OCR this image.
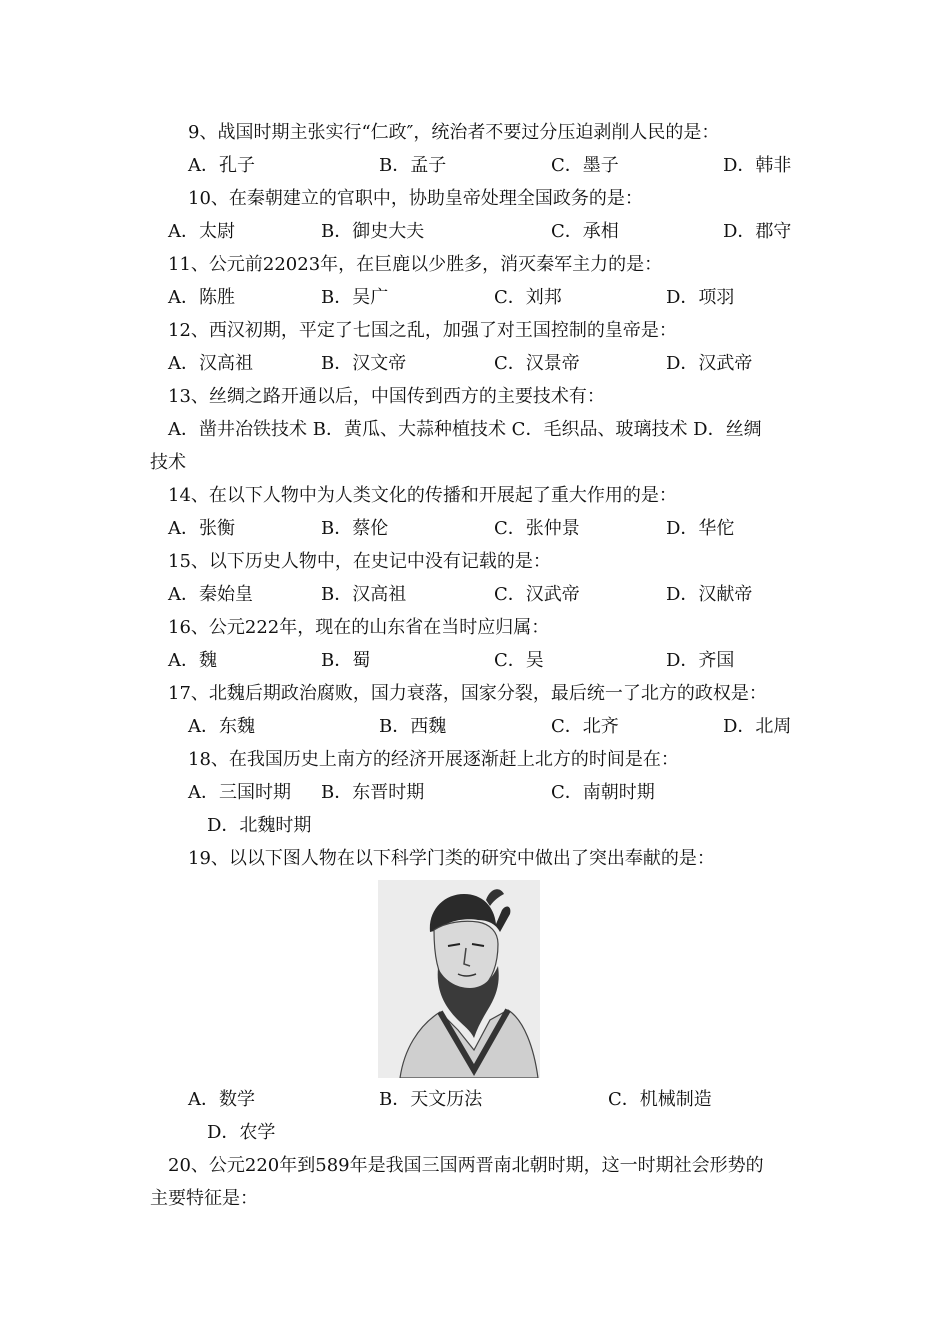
9、战国时期主张实行“仁政″，统治者不要过分压迫剥削人民的是：
A．孔子	B．孟子	C．墨子	D．韩非
10、在秦朝建立的官职中，协助皇帝处理全国政务的是：
A．太尉	B．御史大夫	C．承相	D．郡守
11、公元前22023年，在巨鹿以少胜多，消灭秦军主力的是：
A．陈胜	B．吴广	C．刘邦	D．项羽
12、西汉初期，平定了七国之乱，加强了对王国控制的皇帝是：
A．汉高祖	B．汉文帝	C．汉景帝	D．汉武帝
13、丝绸之路开通以后，中国传到西方的主要技术有：
A．凿井冶铁技术 B．黄瓜、大蒜种植技术 C．毛织品、玻璃技术 D．丝绸
技术
14、在以下人物中为人类文化的传播和开展起了重大作用的是：
A．张衡	B．蔡伦	C．张仲景	D．华佗
15、以下历史人物中，在史记中没有记载的是：
A．秦始皇	B．汉高祖	C．汉武帝	D．汉献帝
16、公元222年，现在的山东省在当时应归属：
A．魏	B．蜀	C．吴	D．齐国
17、北魏后期政治腐败，国力衰落，国家分裂，最后统一了北方的政权是：
A．东魏	B．西魏	C．北齐	D．北周
18、在我国历史上南方的经济开展逐渐赶上北方的时间是在：
A．三国时期 B．东晋时期	C．南朝时期
D．北魏时期
19、以以下图人物在以下科学门类的研究中做出了突出奉献的是：
A．数学	B．天文历法	C．机械制造
D．农学
20、公元220年到589年是我国三国两晋南北朝时期，这一时期社会形势的
主要特征是：
